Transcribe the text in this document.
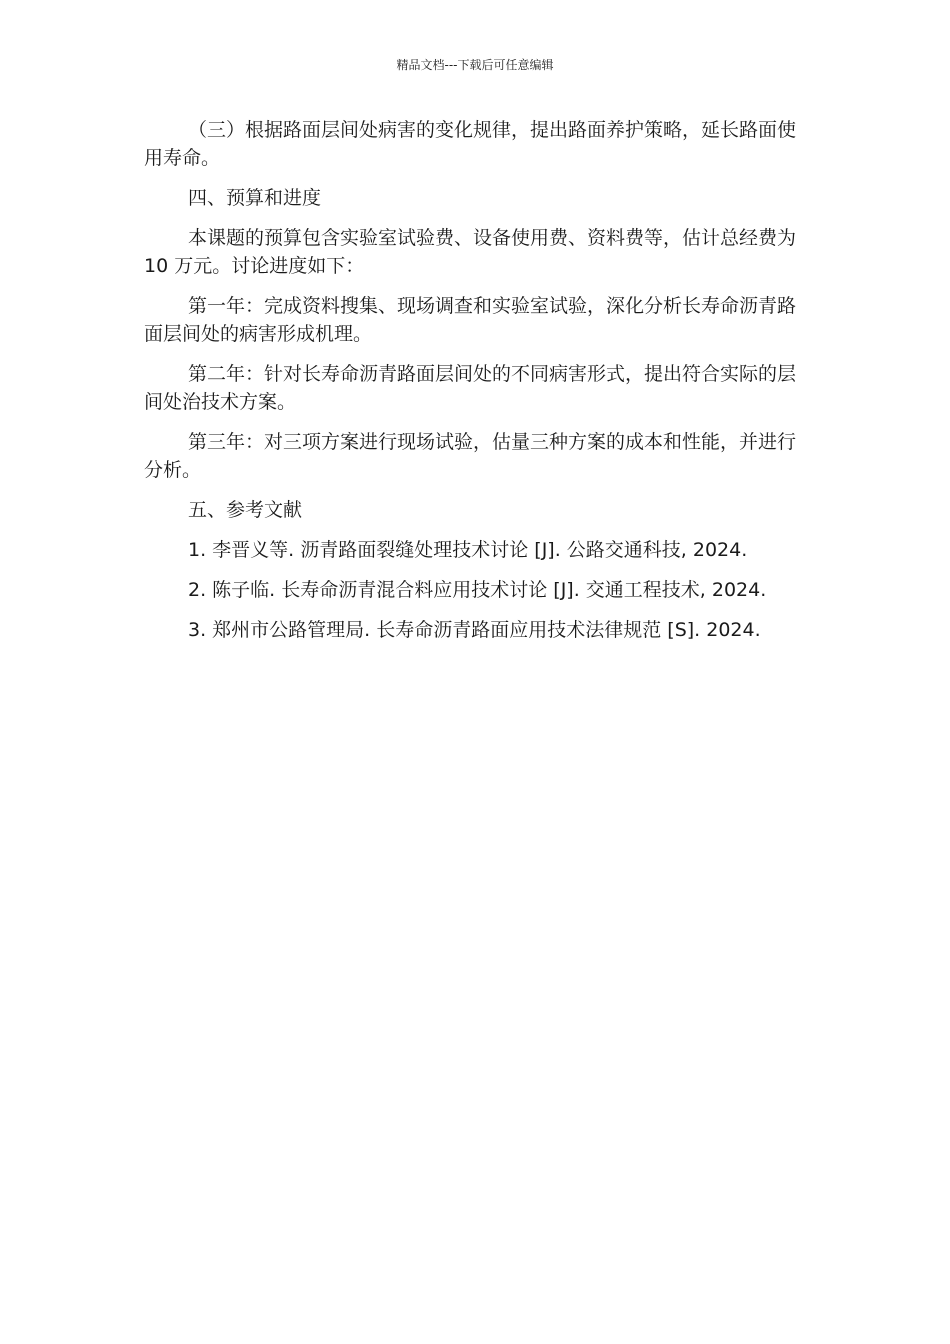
精品文档---下载后可任意编辑

（三）根据路面层间处病害的变化规律，提出路面养护策略，延长路面使用寿命。

四、预算和进度

本课题的预算包含实验室试验费、设备使用费、资料费等，估计总经费为 10 万元。讨论进度如下：

第一年：完成资料搜集、现场调查和实验室试验，深化分析长寿命沥青路面层间处的病害形成机理。

第二年：针对长寿命沥青路面层间处的不同病害形式，提出符合实际的层间处治技术方案。

第三年：对三项方案进行现场试验，估量三种方案的成本和性能，并进行分析。

五、参考文献

1. 李晋义等. 沥青路面裂缝处理技术讨论 [J]. 公路交通科技, 2024.

2. 陈子临. 长寿命沥青混合料应用技术讨论 [J]. 交通工程技术, 2024.

3. 郑州市公路管理局. 长寿命沥青路面应用技术法律规范 [S]. 2024.
